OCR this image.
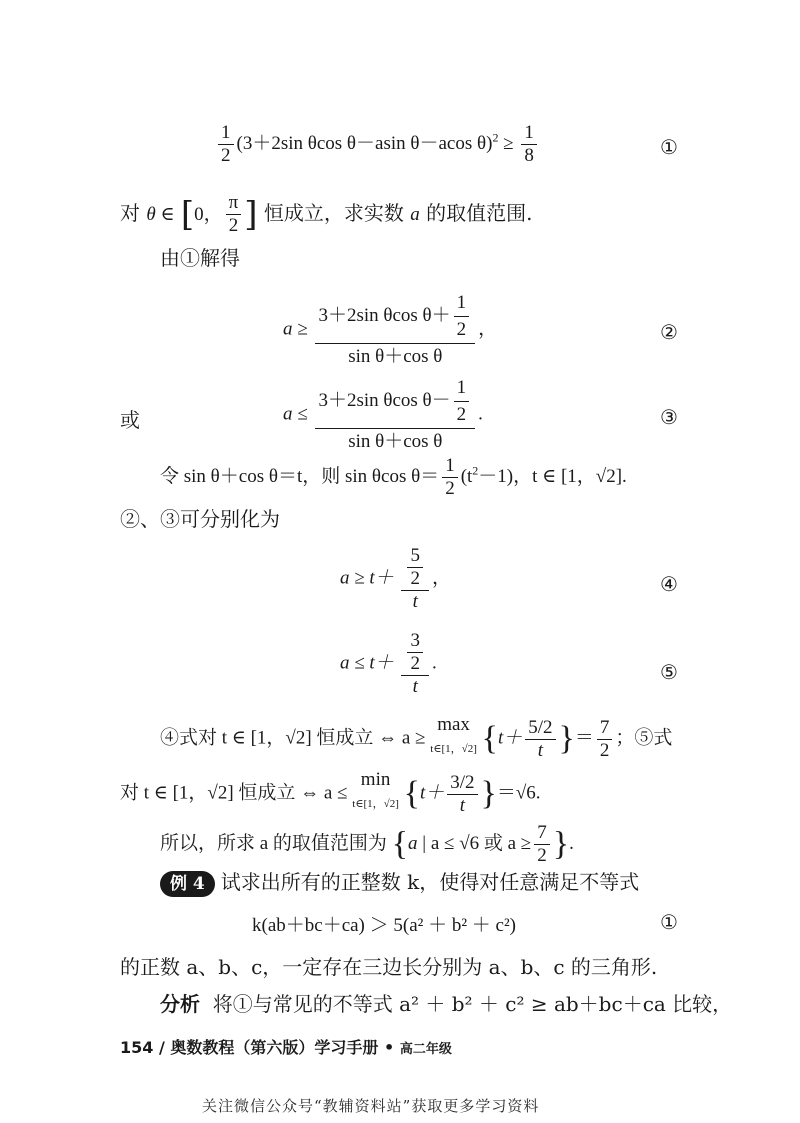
$\frac{1}{2} (3+2\sin$ θcos θ－asin θ－acos $\theta)^2 \ge \frac{1}{8}$	①
对 θ ∈ [0， $\frac{\pi}{2}$ ] 恒成立，求实数 a 的取值范围.
由①解得
$a \ge \frac{3+2\sin \theta\cos \theta+ \frac{1}{2}}{\text{sin θ＋cos θ}}$ ，	②
或	$a \le \frac{3+2\sin \theta\cos \theta- \frac{1}{2}}{\text{sin θ＋cos θ}}$ .	③
令 sin θ＋cos θ＝t，则 sin θcos $\theta= \frac{1}{2} (t^2-1)$，t ∈ [1，√2].
②、③可分别化为
$a \ge t+ \frac{\frac{5}{2}}{t}$ ，	④
$a \le t+ \frac{\frac{3}{2}}{t}$ .	⑤
④式对 t ∈ [1，√2] 恒成立 ⇔ a ≥
max
t∈[1，√2] {$t+ \frac{5/2}{t}$ }＝ $\frac{7}{2}$ ；⑤式
对 t ∈ [1，√2] 恒成立 ⇔ a ≤
min
t∈[1，√2] $\{t+ \frac{3/2}{t} \}=√6$.
所以，所求 a 的取值范围为 {a | a ≤ √6 或 $a \ge \frac{7}{2}$ }.
例 4 试求出所有的正整数 k，使得对任意满足不等式
k(ab＋bc＋ca) ＞ 5(a² ＋ b² ＋ c²)	①
的正数 a、b、c，一定存在三边长分别为 a、b、c 的三角形.
分析 将①与常见的不等式 a² ＋ b² ＋ c² ≥ ab＋bc＋ca 比较，
154 / 奥数教程（第六版）学习手册 • 高二年级
关注微信公众号“教辅资料站”获取更多学习资料
